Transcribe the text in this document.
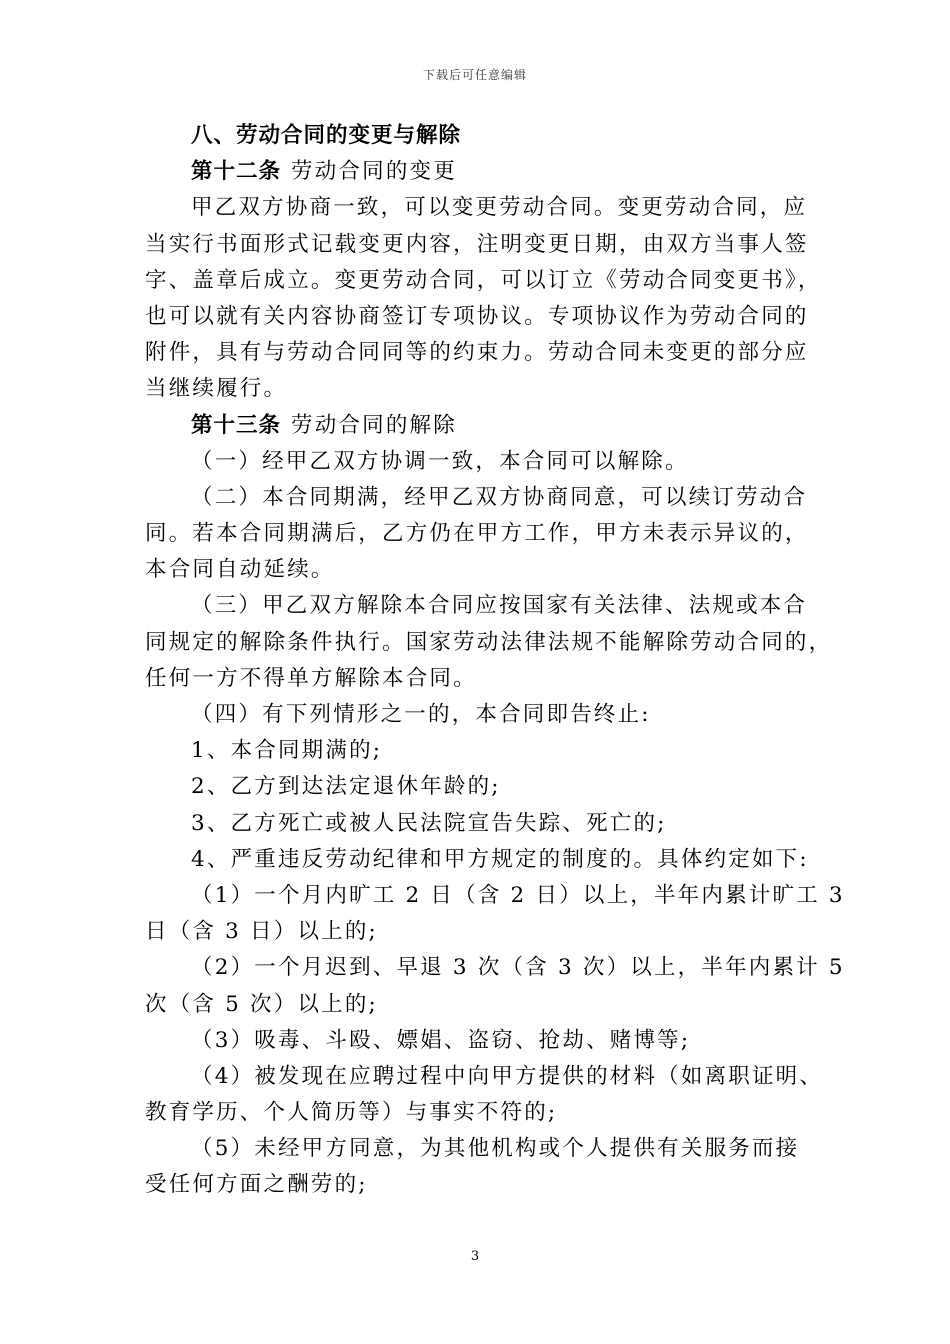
下载后可任意编辑
八、劳动合同的变更与解除
第十二条 劳动合同的变更
甲乙双方协商一致，可以变更劳动合同。变更劳动合同，应
当实行书面形式记载变更内容，注明变更日期，由双方当事人签
字、盖章后成立。变更劳动合同，可以订立《劳动合同变更书》，
也可以就有关内容协商签订专项协议。专项协议作为劳动合同的
附件，具有与劳动合同同等的约束力。劳动合同未变更的部分应
当继续履行。
第十三条 劳动合同的解除
（一）经甲乙双方协调一致，本合同可以解除。
（二）本合同期满，经甲乙双方协商同意，可以续订劳动合
同。若本合同期满后，乙方仍在甲方工作，甲方未表示异议的，
本合同自动延续。
（三）甲乙双方解除本合同应按国家有关法律、法规或本合
同规定的解除条件执行。国家劳动法律法规不能解除劳动合同的，
任何一方不得单方解除本合同。
（四）有下列情形之一的，本合同即告终止:
1、本合同期满的;
2、乙方到达法定退休年龄的;
3、乙方死亡或被人民法院宣告失踪、死亡的;
4、严重违反劳动纪律和甲方规定的制度的。具体约定如下:
（1）一个月内旷工 2 日（含 2 日）以上，半年内累计旷工 3
日（含 3 日）以上的;
（2）一个月迟到、早退 3 次（含 3 次）以上，半年内累计 5
次（含 5 次）以上的;
（3）吸毒、斗殴、嫖娼、盗窃、抢劫、赌博等;
（4）被发现在应聘过程中向甲方提供的材料（如离职证明、
教育学历、个人简历等）与事实不符的;
（5）未经甲方同意，为其他机构或个人提供有关服务而接
受任何方面之酬劳的;
3
